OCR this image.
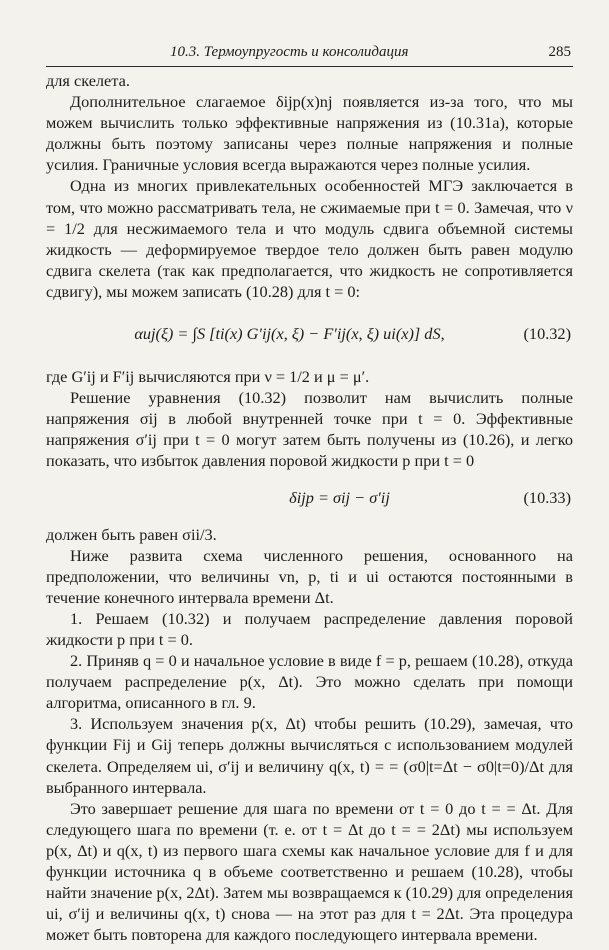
10.3. Термоупругость и консолидация	285

для скелета.

Дополнительное слагаемое δijp(x)nj появляется из-за того, что мы можем вычислить только эффективные напряжения из (10.31a), которые должны быть поэтому записаны через полные напряжения и полные усилия. Граничные условия всегда выражаются через полные усилия.

Одна из многих привлекательных особенностей МГЭ заключается в том, что можно рассматривать тела, не сжимаемые при t = 0. Замечая, что ν = 1/2 для несжимаемого тела и что модуль сдвига объемной системы жидкость — деформируемое твердое тело должен быть равен модулю сдвига скелета (так как предполагается, что жидкость не сопротивляется сдвигу), мы можем записать (10.28) для t = 0:

αuj(ξ) = ∫S [ti(x) G′ij(x, ξ) − F′ij(x, ξ) ui(x)] dS,	(10.32)

где G′ij и F′ij вычисляются при ν = 1/2 и μ = μ′.

Решение уравнения (10.32) позволит нам вычислить полные напряжения σij в любой внутренней точке при t = 0. Эффективные напряжения σ′ij при t = 0 могут затем быть получены из (10.26), и легко показать, что избыток давления поровой жидкости p при t = 0

δijp = σij − σ′ij	(10.33)

должен быть равен σii/3.

Ниже развита схема численного решения, основанного на предположении, что величины vn, p, ti и ui остаются постоянными в течение конечного интервала времени Δt.

1. Решаем (10.32) и получаем распределение давления поровой жидкости p при t = 0.

2. Приняв q = 0 и начальное условие в виде f = p, решаем (10.28), откуда получаем распределение p(x, Δt). Это можно сделать при помощи алгоритма, описанного в гл. 9.

3. Используем значения p(x, Δt) чтобы решить (10.29), замечая, что функции Fij и Gij теперь должны вычисляться с использованием модулей скелета. Определяем ui, σ′ij и величину q(x, t) = = (σ0|t=Δt − σ0|t=0)/Δt для выбранного интервала.

Это завершает решение для шага по времени от t = 0 до t = = Δt. Для следующего шага по времени (т. е. от t = Δt до t = = 2Δt) мы используем p(x, Δt) и q(x, t) из первого шага схемы как начальное условие для f и для функции источника q в объеме соответственно и решаем (10.28), чтобы найти значение p(x, 2Δt). Затем мы возвращаемся к (10.29) для определения ui, σ′ij и величины q(x, t) снова — на этот раз для t = 2Δt. Эта процедура может быть повторена для каждого последующего интервала времени.
